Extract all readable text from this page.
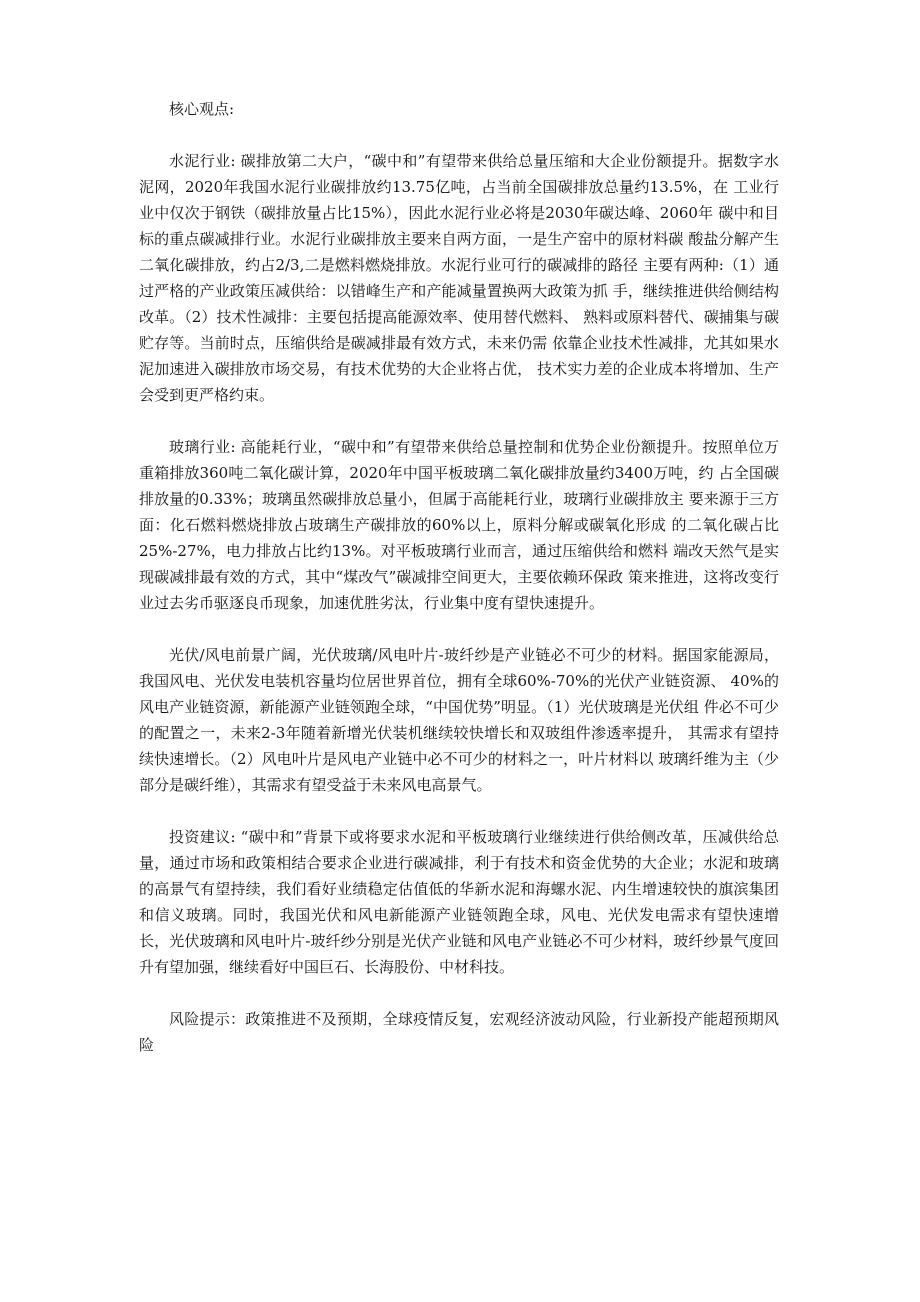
核心观点:

水泥行业: 碳排放第二大户，“碳中和”有望带来供给总量压缩和大企业份额提升。据数字水泥网，2020年我国水泥行业碳排放约13.75亿吨，占当前全国碳排放总量约13.5%，在 工业行业中仅次于钢铁（碳排放量占比15%），因此水泥行业必将是2030年碳达峰、2060年 碳中和目标的重点碳减排行业。水泥行业碳排放主要来自两方面，一是生产窑中的原材料碳 酸盐分解产生二氧化碳排放，约占2/3,二是燃料燃烧排放。水泥行业可行的碳减排的路径 主要有两种:（1）通过严格的产业政策压减供给：以错峰生产和产能减量置换两大政策为抓 手，继续推进供给侧结构改革。（2）技术性减排：主要包括提高能源效率、使用替代燃料、 熟料或原料替代、碳捕集与碳贮存等。当前时点，压缩供给是碳减排最有效方式，未来仍需 依靠企业技术性减排，尤其如果水泥加速进入碳排放市场交易，有技术优势的大企业将占优， 技术实力差的企业成本将增加、生产会受到更严格约束。

玻璃行业: 高能耗行业，“碳中和”有望带来供给总量控制和优势企业份额提升。按照单位万重箱排放360吨二氧化碳计算，2020年中国平板玻璃二氧化碳排放量约3400万吨，约 占全国碳排放量的0.33%；玻璃虽然碳排放总量小，但属于高能耗行业，玻璃行业碳排放主 要来源于三方面：化石燃料燃烧排放占玻璃生产碳排放的60%以上，原料分解或碳氧化形成 的二氧化碳占比25%-27%，电力排放占比约13%。对平板玻璃行业而言，通过压缩供给和燃料 端改天然气是实现碳减排最有效的方式，其中“煤改气”碳减排空间更大，主要依赖环保政 策来推进，这将改变行业过去劣币驱逐良币现象，加速优胜劣汰，行业集中度有望快速提升。

光伏/风电前景广阔，光伏玻璃/风电叶片-玻纤纱是产业链必不可少的材料。据国家能源局，我国风电、光伏发电装机容量均位居世界首位，拥有全球60%-70%的光伏产业链资源、 40%的风电产业链资源，新能源产业链领跑全球，“中国优势”明显。（1）光伏玻璃是光伏组 件必不可少的配置之一，未来2-3年随着新增光伏装机继续较快增长和双玻组件渗透率提升， 其需求有望持续快速增长。（2）风电叶片是风电产业链中必不可少的材料之一，叶片材料以 玻璃纤维为主（少部分是碳纤维），其需求有望受益于未来风电高景气。

投资建议: “碳中和”背景下或将要求水泥和平板玻璃行业继续进行供给侧改革，压减供给总量，通过市场和政策相结合要求企业进行碳减排，利于有技术和资金优势的大企业；水泥和玻璃的高景气有望持续，我们看好业绩稳定估值低的华新水泥和海螺水泥、内生增速较快的旗滨集团和信义玻璃。同时，我国光伏和风电新能源产业链领跑全球，风电、光伏发电需求有望快速增长，光伏玻璃和风电叶片-玻纤纱分别是光伏产业链和风电产业链必不可少材料，玻纤纱景气度回升有望加强，继续看好中国巨石、长海股份、中材科技。

风险提示：政策推进不及预期，全球疫情反复，宏观经济波动风险，行业新投产能超预期风险
